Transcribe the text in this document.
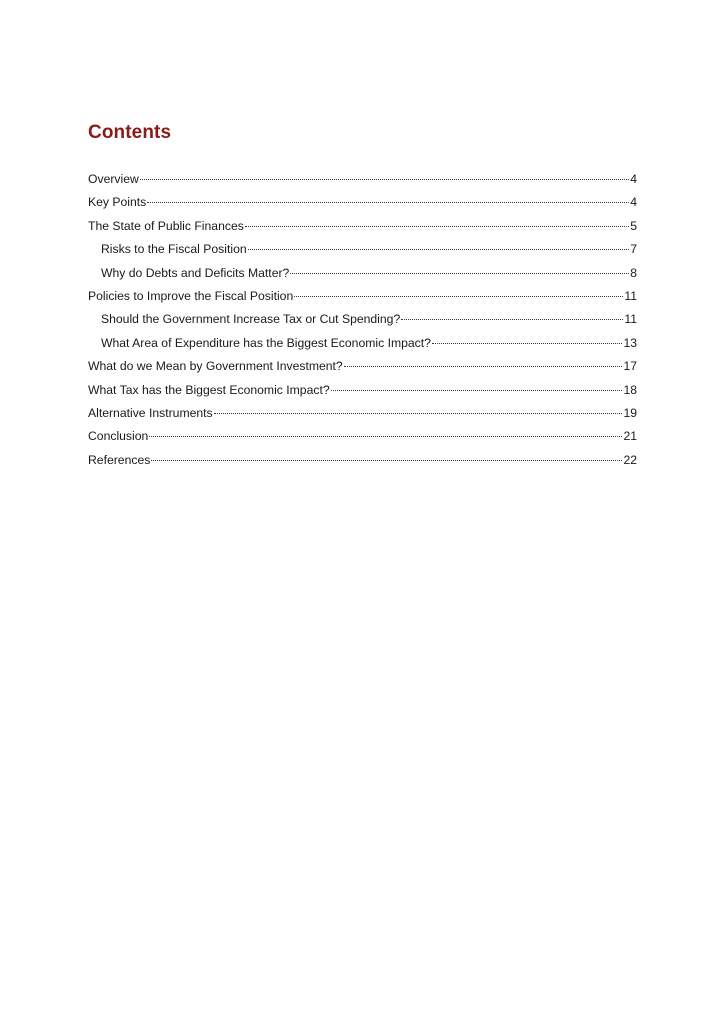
Contents
Overview	4
Key Points	4
The State of Public Finances	5
Risks to the Fiscal Position	7
Why do Debts and Deficits Matter?	8
Policies to Improve the Fiscal Position	11
Should the Government Increase Tax or Cut Spending?	11
What Area of Expenditure has the Biggest Economic Impact?	13
What do we Mean by Government Investment?	17
What Tax has the Biggest Economic Impact?	18
Alternative Instruments	19
Conclusion	21
References	22
